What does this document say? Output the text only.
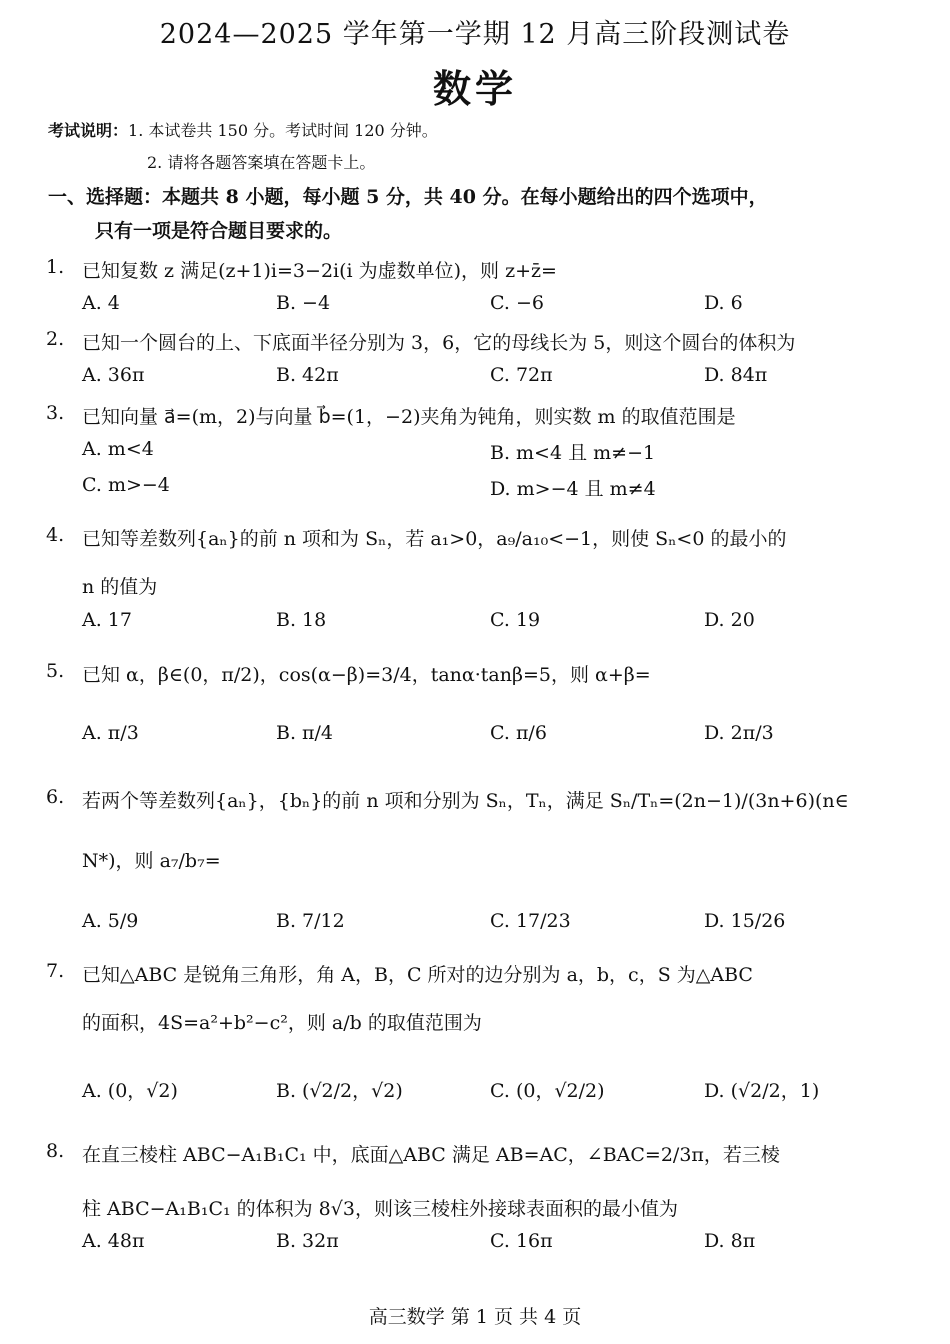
2024—2025 学年第一学期 12 月高三阶段测试卷
数学
考试说明：1. 本试卷共 150 分。考试时间 120 分钟。
2. 请将各题答案填在答题卡上。
一、选择题：本题共 8 小题，每小题 5 分，共 40 分。在每小题给出的四个选项中，
只有一项是符合题目要求的。
1. 已知复数 z 满足(z+1)i=3−2i(i 为虚数单位)，则 z+z̄=
A. 4	B. −4	C. −6	D. 6
2. 已知一个圆台的上、下底面半径分别为 3，6，它的母线长为 5，则这个圆台的体积为
A. 36π	B. 42π	C. 72π	D. 84π
3. 已知向量 a⃗=(m，2)与向量 b⃗=(1，−2)夹角为钝角，则实数 m 的取值范围是
A. m<4	B. m<4 且 m≠−1
C. m>−4	D. m>−4 且 m≠4
4. 已知等差数列{aₙ}的前 n 项和为 Sₙ，若 a₁>0，a₉/a₁₀<−1，则使 Sₙ<0 的最小的
n 的值为
A. 17	B. 18	C. 19	D. 20
5. 已知 α，β∈(0，π/2)，cos(α−β)=3/4，tanα·tanβ=5，则 α+β=
A. π/3	B. π/4	C. π/6	D. 2π/3
6. 若两个等差数列{aₙ}，{bₙ}的前 n 项和分别为 Sₙ，Tₙ，满足 Sₙ/Tₙ=(2n−1)/(3n+6)(n∈
N*)，则 a₇/b₇=
A. 5/9	B. 7/12	C. 17/23	D. 15/26
7. 已知△ABC 是锐角三角形，角 A，B，C 所对的边分别为 a，b，c，S 为△ABC
的面积，4S=a²+b²−c²，则 a/b 的取值范围为
A. (0，√2)	B. (√2/2，√2)	C. (0，√2/2)	D. (√2/2，1)
8. 在直三棱柱 ABC−A₁B₁C₁ 中，底面△ABC 满足 AB=AC，∠BAC=2/3π，若三棱
柱 ABC−A₁B₁C₁ 的体积为 8√3，则该三棱柱外接球表面积的最小值为
A. 48π	B. 32π	C. 16π	D. 8π
高三数学 第 1 页 共 4 页
